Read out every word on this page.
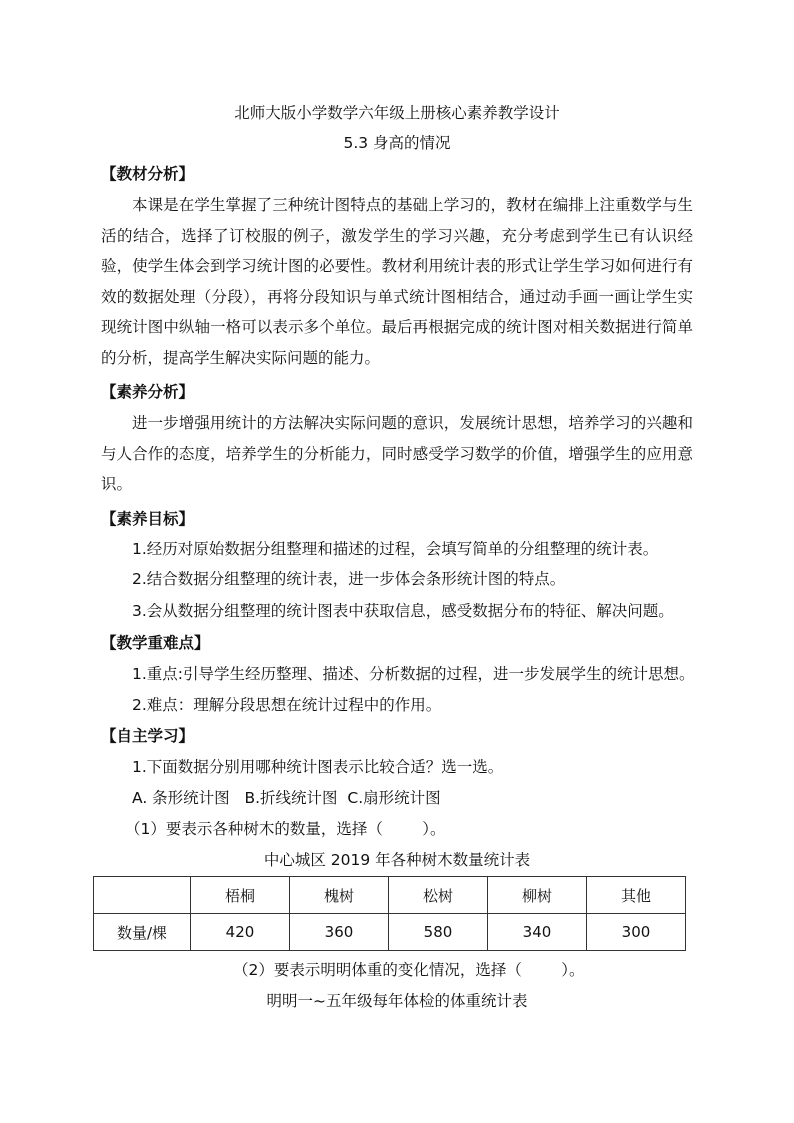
北师大版小学数学六年级上册核心素养教学设计
5.3 身高的情况
【教材分析】
本课是在学生掌握了三种统计图特点的基础上学习的，教材在编排上注重数学与生活的结合，选择了订校服的例子，激发学生的学习兴趣，充分考虑到学生已有认识经验，使学生体会到学习统计图的必要性。教材利用统计表的形式让学生学习如何进行有效的数据处理（分段），再将分段知识与单式统计图相结合，通过动手画一画让学生实现统计图中纵轴一格可以表示多个单位。最后再根据完成的统计图对相关数据进行简单的分析，提高学生解决实际问题的能力。
【素养分析】
进一步增强用统计的方法解决实际问题的意识，发展统计思想，培养学习的兴趣和与人合作的态度，培养学生的分析能力，同时感受学习数学的价值，增强学生的应用意识。
【素养目标】
1.经历对原始数据分组整理和描述的过程，会填写简单的分组整理的统计表。
2.结合数据分组整理的统计表，进一步体会条形统计图的特点。
3.会从数据分组整理的统计图表中获取信息，感受数据分布的特征、解决问题。
【教学重难点】
1.重点:引导学生经历整理、描述、分析数据的过程，进一步发展学生的统计思想。
2.难点：理解分段思想在统计过程中的作用。
【自主学习】
1.下面数据分别用哪种统计图表示比较合适？选一选。
A. 条形统计图   B.折线统计图  C.扇形统计图
（1）要表示各种树木的数量，选择（        ）。
中心城区 2019 年各种树木数量统计表
	梧桐	槐树	松树	柳树	其他
数量/棵	420	360	580	340	300
（2）要表示明明体重的变化情况，选择（        ）。
明明一~五年级每年体检的体重统计表
